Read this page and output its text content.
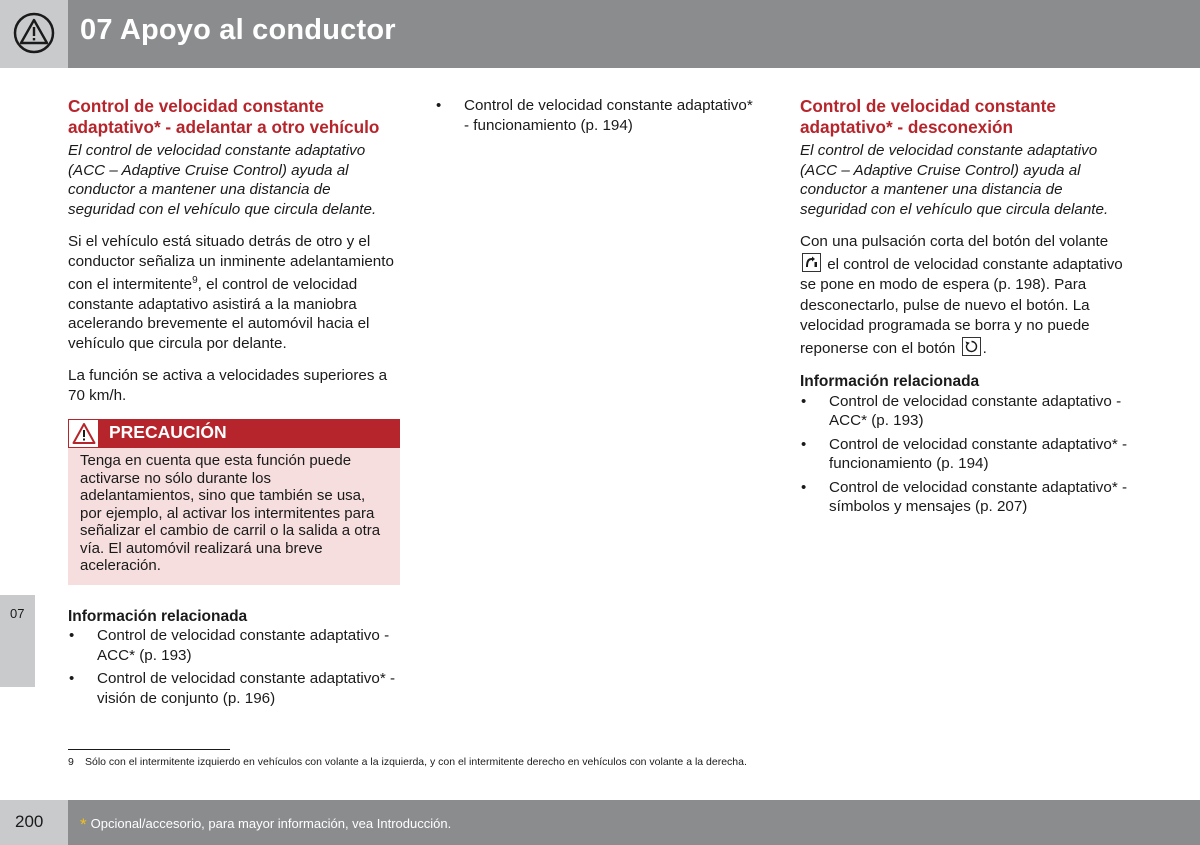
07 Apoyo al conductor
07
Control de velocidad constante adaptativo* - adelantar a otro vehículo

El control de velocidad constante adaptativo (ACC – Adaptive Cruise Control) ayuda al conductor a mantener una distancia de seguridad con el vehículo que circula delante.

Si el vehículo está situado detrás de otro y el conductor señaliza un inminente adelantamiento con el intermitente$^9$, el control de velocidad constante adaptativo asistirá a la maniobra acelerando brevemente el automóvil hacia el vehículo que circula por delante.

La función se activa a velocidades superiores a 70 km/h.

PRECAUCIÓN
Tenga en cuenta que esta función puede activarse no sólo durante los adelantamientos, sino que también se usa, por ejemplo, al activar los intermitentes para señalizar el cambio de carril o la salida a otra vía. El automóvil realizará una breve aceleración.
Información relacionada
• Control de velocidad constante adaptativo - ACC* (p. 193)
• Control de velocidad constante adaptativo* - visión de conjunto (p. 196)
• Control de velocidad constante adaptativo* - funcionamiento (p. 194)
Control de velocidad constante adaptativo* - desconexión

El control de velocidad constante adaptativo (ACC – Adaptive Cruise Control) ayuda al conductor a mantener una distancia de seguridad con el vehículo que circula delante.

Con una pulsación corta del botón del volante
el control de velocidad constante adaptativo se pone en modo de espera (p. 198). Para desconectarlo, pulse de nuevo el botón. La velocidad programada se borra y no puede reponerse con el botón .

Información relacionada
• Control de velocidad constante adaptativo - ACC* (p. 193)
• Control de velocidad constante adaptativo* - funcionamiento (p. 194)
• Control de velocidad constante adaptativo* - símbolos y mensajes (p. 207)
9 Sólo con el intermitente izquierdo en vehículos con volante a la izquierda, y con el intermitente derecho en vehículos con volante a la derecha.
200 * Opcional/accesorio, para mayor información, vea Introducción.
